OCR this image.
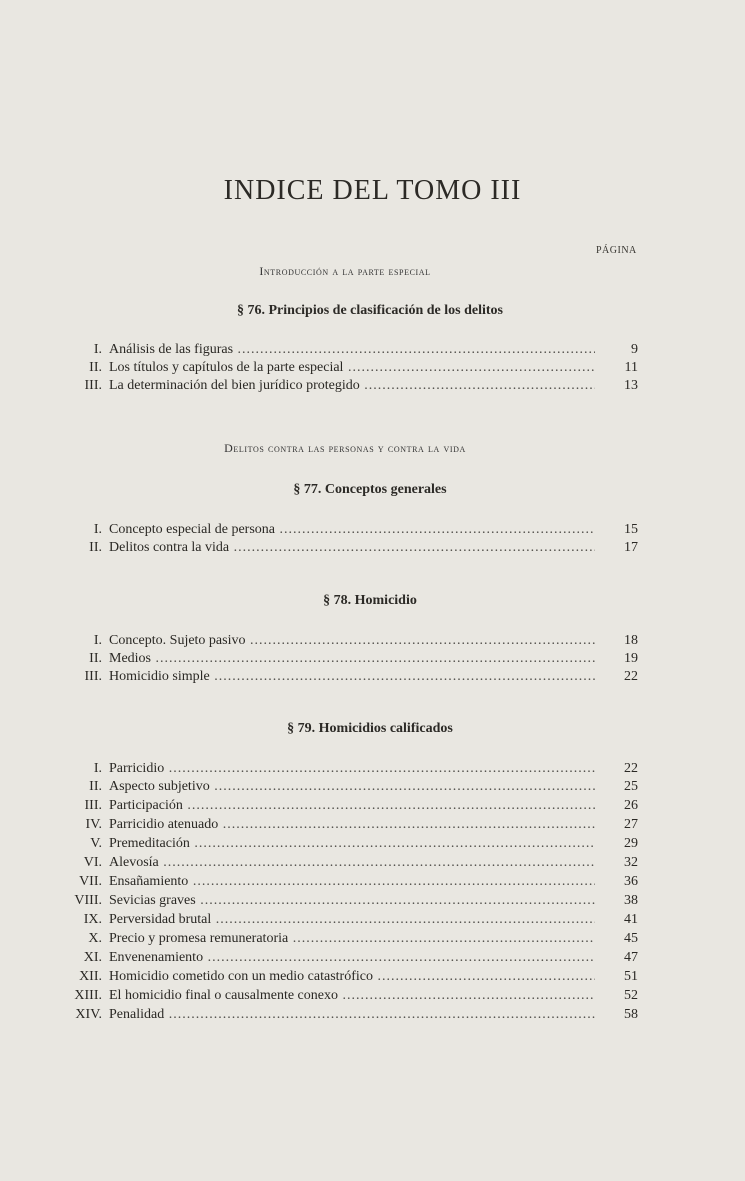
INDICE DEL TOMO III
PÁGINA
Introducción a la parte especial
§ 76. Principios de clasificación de los delitos
I. Análisis de las figuras .....	9
II. Los títulos y capítulos de la parte especial .....	11
III. La determinación del bien jurídico protegido .....	13
Delitos contra las personas y contra la vida
§ 77. Conceptos generales
I. Concepto especial de persona .....	15
II. Delitos contra la vida .....	17
§ 78. Homicidio
I. Concepto. Sujeto pasivo .....	18
II. Medios .....	19
III. Homicidio simple .....	22
§ 79. Homicidios calificados
I. Parricidio .....	22
II. Aspecto subjetivo .....	25
III. Participación .....	26
IV. Parricidio atenuado .....	27
V. Premeditación .....	29
VI. Alevosía .....	32
VII. Ensañamiento .....	36
VIII. Sevicias graves .....	38
IX. Perversidad brutal .....	41
X. Precio y promesa remuneratoria .....	45
XI. Envenenamiento .....	47
XII. Homicidio cometido con un medio catastrófico .....	51
XIII. El homicidio final o causalmente conexo .....	52
XIV. Penalidad .....	58
